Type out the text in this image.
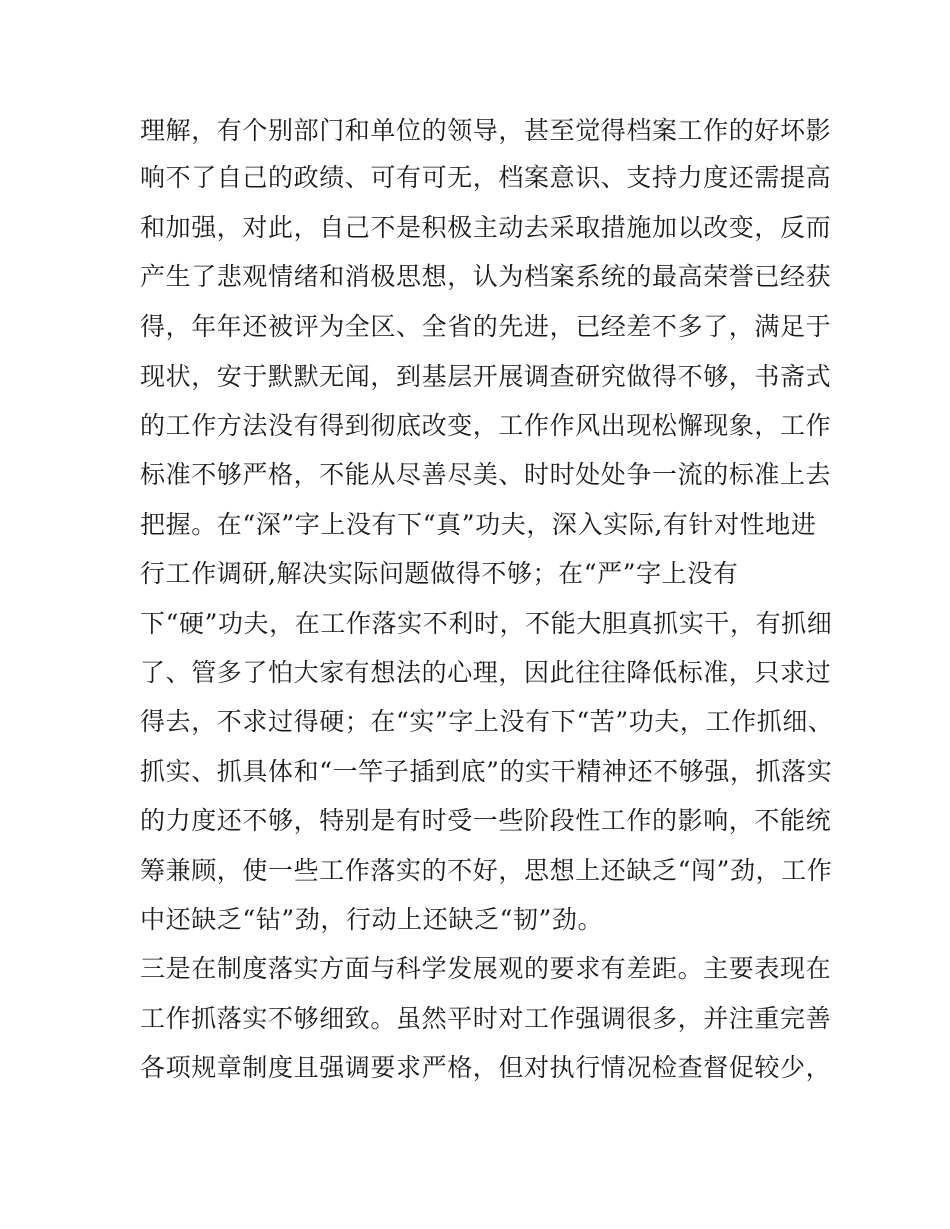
理解，有个别部门和单位的领导，甚至觉得档案工作的好坏影
响不了自己的政绩、可有可无，档案意识、支持力度还需提高
和加强，对此，自己不是积极主动去采取措施加以改变，反而
产生了悲观情绪和消极思想，认为档案系统的最高荣誉已经获
得，年年还被评为全区、全省的先进，已经差不多了，满足于
现状，安于默默无闻，到基层开展调查研究做得不够，书斋式
的工作方法没有得到彻底改变，工作作风出现松懈现象，工作
标准不够严格，不能从尽善尽美、时时处处争一流的标准上去
把握。在“深”字上没有下“真”功夫，深入实际,有针对性地进
行工作调研,解决实际问题做得不够；在“严”字上没有
下“硬”功夫，在工作落实不利时，不能大胆真抓实干，有抓细
了、管多了怕大家有想法的心理，因此往往降低标准，只求过
得去，不求过得硬；在“实”字上没有下“苦”功夫，工作抓细、
抓实、抓具体和“一竿子插到底”的实干精神还不够强，抓落实
的力度还不够，特别是有时受一些阶段性工作的影响，不能统
筹兼顾，使一些工作落实的不好，思想上还缺乏“闯”劲，工作
中还缺乏“钻”劲，行动上还缺乏“韧”劲。
三是在制度落实方面与科学发展观的要求有差距。主要表现在
工作抓落实不够细致。虽然平时对工作强调很多，并注重完善
各项规章制度且强调要求严格，但对执行情况检查督促较少，
